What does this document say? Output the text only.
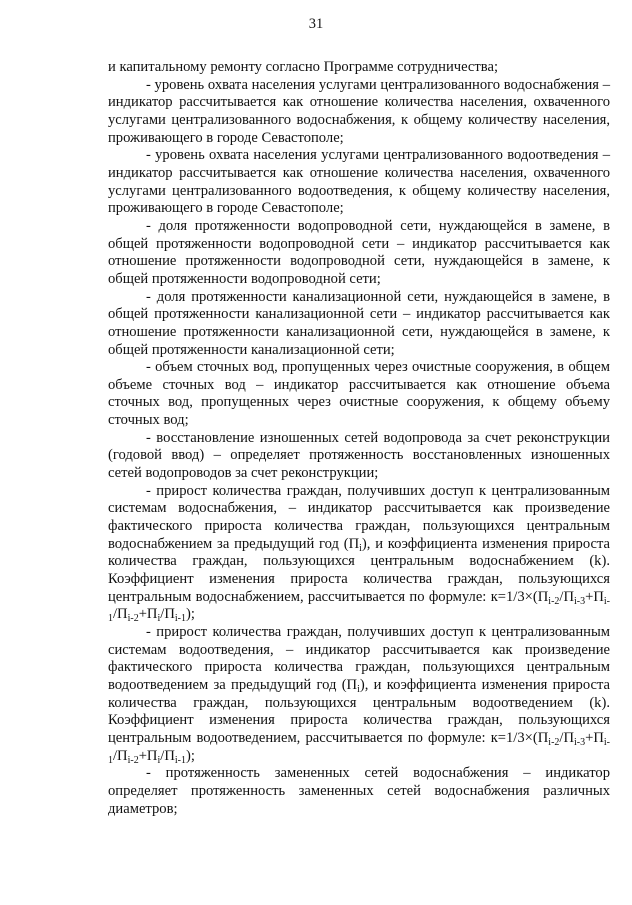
31

и капитальному ремонту согласно Программе сотрудничества;

- уровень охвата населения услугами централизованного водоснабжения – индикатор рассчитывается как отношение количества населения, охваченного услугами централизованного водоснабжения, к общему количеству населения, проживающего в городе Севастополе;

- уровень охвата населения услугами централизованного водоотведения – индикатор рассчитывается как отношение количества населения, охваченного услугами централизованного водоотведения, к общему количеству населения, проживающего в городе Севастополе;

- доля протяженности водопроводной сети, нуждающейся в замене, в общей протяженности водопроводной сети – индикатор рассчитывается как отношение протяженности водопроводной сети, нуждающейся в замене, к общей протяженности водопроводной сети;

- доля протяженности канализационной сети, нуждающейся в замене, в общей протяженности канализационной сети – индикатор рассчитывается как отношение протяженности канализационной сети, нуждающейся в замене, к общей протяженности канализационной сети;

- объем сточных вод, пропущенных через очистные сооружения, в общем объеме сточных вод – индикатор рассчитывается как отношение объема сточных вод, пропущенных через очистные сооружения, к общему объему сточных вод;

- восстановление изношенных сетей водопровода за счет реконструкции (годовой ввод) – определяет протяженность восстановленных изношенных сетей водопроводов за счет реконструкции;

- прирост количества граждан, получивших доступ к централизованным системам водоснабжения, – индикатор рассчитывается как произведение фактического прироста количества граждан, пользующихся центральным водоснабжением за предыдущий год $(П_i)$, и коэффициента изменения прироста количества граждан, пользующихся центральным водоснабжением (k). Коэффициент изменения прироста количества граждан, пользующихся центральным водоснабжением, рассчитывается по формуле: $к=1/3\times(П_{i-2}/П_{i-3}+П_{i-1}/П_{i-2}+П_i/П_{i-1})$;

- прирост количества граждан, получивших доступ к централизованным системам водоотведения, – индикатор рассчитывается как произведение фактического прироста количества граждан, пользующихся центральным водоотведением за предыдущий год $(П_i)$, и коэффициента изменения прироста количества граждан, пользующихся центральным водоотведением (k). Коэффициент изменения прироста количества граждан, пользующихся центральным водоотведением, рассчитывается по формуле: $к=1/3\times(П_{i-2}/П_{i-3}+П_{i-1}/П_{i-2}+П_i/П_{i-1})$;

- протяженность замененных сетей водоснабжения – индикатор определяет протяженность замененных сетей водоснабжения различных диаметров;
